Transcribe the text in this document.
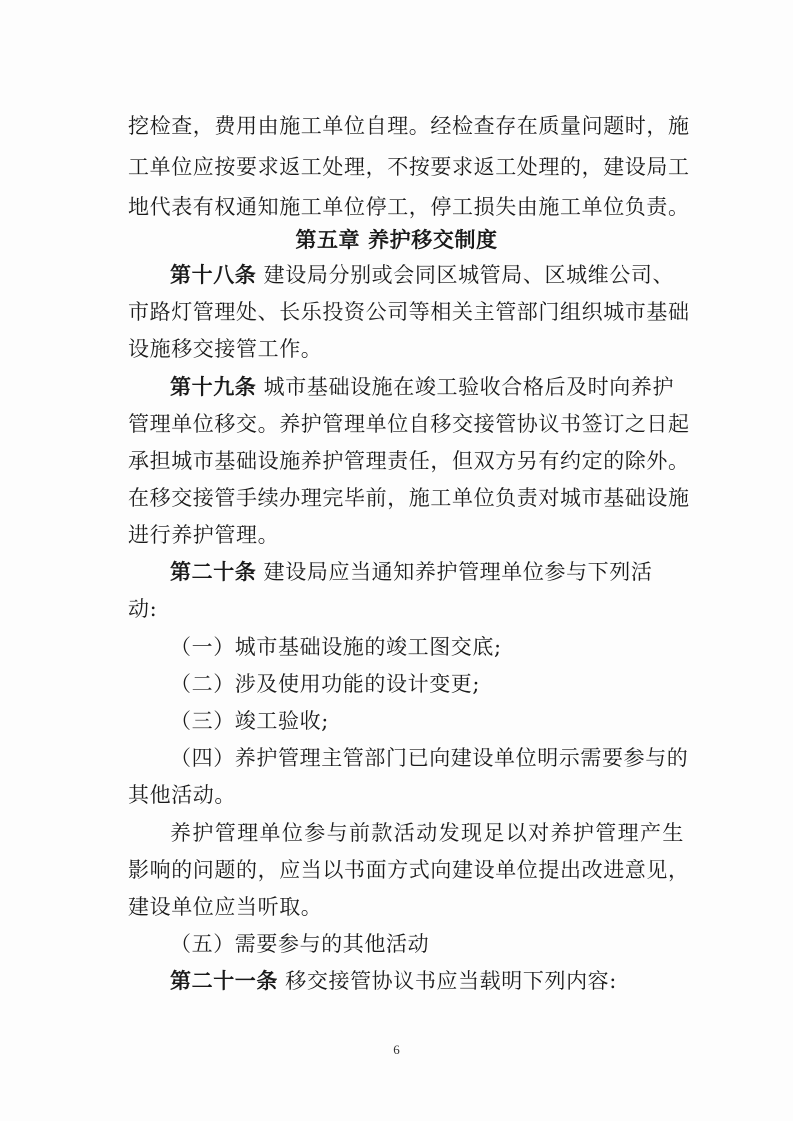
挖检查，费用由施工单位自理。经检查存在质量问题时，施
工单位应按要求返工处理，不按要求返工处理的，建设局工
地代表有权通知施工单位停工，停工损失由施工单位负责。
第五章 养护移交制度
第十八条 建设局分别或会同区城管局、区城维公司、
市路灯管理处、长乐投资公司等相关主管部门组织城市基础
设施移交接管工作。
第十九条 城市基础设施在竣工验收合格后及时向养护
管理单位移交。养护管理单位自移交接管协议书签订之日起
承担城市基础设施养护管理责任，但双方另有约定的除外。
在移交接管手续办理完毕前，施工单位负责对城市基础设施
进行养护管理。
第二十条 建设局应当通知养护管理单位参与下列活
动:
（一）城市基础设施的竣工图交底;
（二）涉及使用功能的设计变更;
（三）竣工验收;
（四）养护管理主管部门已向建设单位明示需要参与的
其他活动。
养护管理单位参与前款活动发现足以对养护管理产生
影响的问题的，应当以书面方式向建设单位提出改进意见，
建设单位应当听取。
（五）需要参与的其他活动
第二十一条 移交接管协议书应当载明下列内容:
6
